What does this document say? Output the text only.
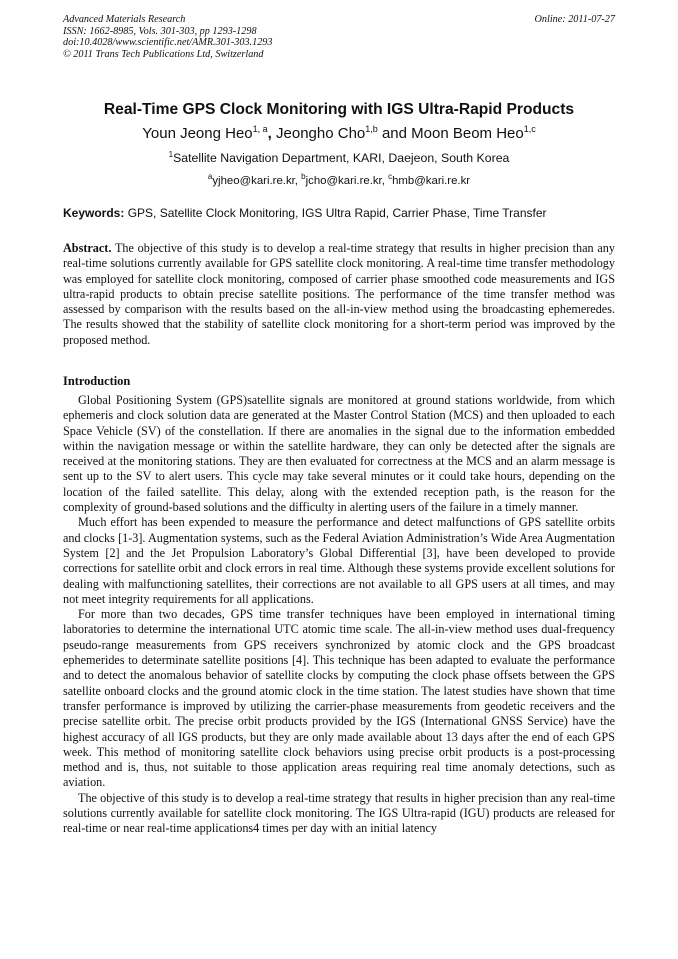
Advanced Materials Research
ISSN: 1662-8985, Vols. 301-303, pp 1293-1298
doi:10.4028/www.scientific.net/AMR.301-303.1293
© 2011 Trans Tech Publications Ltd, Switzerland
Online: 2011-07-27
Real-Time GPS Clock Monitoring with IGS Ultra-Rapid Products
Youn Jeong Heo$^{1, a}$, Jeongho Cho$^{1,b}$ and Moon Beom Heo$^{1,c}$
$^1$Satellite Navigation Department, KARI, Daejeon, South Korea
$^a$yjheo@kari.re.kr, $^b$jcho@kari.re.kr, $^c$hmb@kari.re.kr
Keywords: GPS, Satellite Clock Monitoring, IGS Ultra Rapid, Carrier Phase, Time Transfer

Abstract. The objective of this study is to develop a real-time strategy that results in higher precision than any real-time solutions currently available for GPS satellite clock monitoring. A real-time time transfer methodology was employed for satellite clock monitoring, composed of carrier phase smoothed code measurements and IGS ultra-rapid products to obtain precise satellite positions. The performance of the time transfer method was assessed by comparison with the results based on the all-in-view method using the broadcasting ephemeredes. The results showed that the stability of satellite clock monitoring for a short-term period was improved by the proposed method.

Introduction

Global Positioning System (GPS)satellite signals are monitored at ground stations worldwide, from which ephemeris and clock solution data are generated at the Master Control Station (MCS) and then uploaded to each Space Vehicle (SV) of the constellation. If there are anomalies in the signal due to the information embedded within the navigation message or within the satellite hardware, they can only be detected after the signals are received at the monitoring stations. They are then evaluated for correctness at the MCS and an alarm message is sent up to the SV to alert users. This cycle may take several minutes or it could take hours, depending on the location of the failed satellite. This delay, along with the extended reception path, is the reason for the complexity of ground-based solutions and the difficulty in alerting users of the failure in a timely manner.

Much effort has been expended to measure the performance and detect malfunctions of GPS satellite orbits and clocks [1-3]. Augmentation systems, such as the Federal Aviation Administration’s Wide Area Augmentation System [2] and the Jet Propulsion Laboratory’s Global Differential [3], have been developed to provide corrections for satellite orbit and clock errors in real time. Although these systems provide excellent solutions for dealing with malfunctioning satellites, their corrections are not available to all GPS users at all times, and may not meet integrity requirements for all applications.

For more than two decades, GPS time transfer techniques have been employed in international timing laboratories to determine the international UTC atomic time scale. The all-in-view method uses dual-frequency pseudo-range measurements from GPS receivers synchronized by atomic clock and the GPS broadcast ephemerides to determinate satellite positions [4]. This technique has been adapted to evaluate the performance and to detect the anomalous behavior of satellite clocks by computing the clock phase offsets between the GPS satellite onboard clocks and the ground atomic clock in the time station. The latest studies have shown that time transfer performance is improved by utilizing the carrier-phase measurements from geodetic receivers and the precise satellite orbit. The precise orbit products provided by the IGS (International GNSS Service) have the highest accuracy of all IGS products, but they are only made available about 13 days after the end of each GPS week. This method of monitoring satellite clock behaviors using precise orbit products is a post-processing method and is, thus, not suitable to those application areas requiring real time anomaly detections, such as aviation.

The objective of this study is to develop a real-time strategy that results in higher precision than any real-time solutions currently available for satellite clock monitoring. The IGS Ultra-rapid (IGU) products are released for real-time or near real-time applications4 times per day with an initial latency
